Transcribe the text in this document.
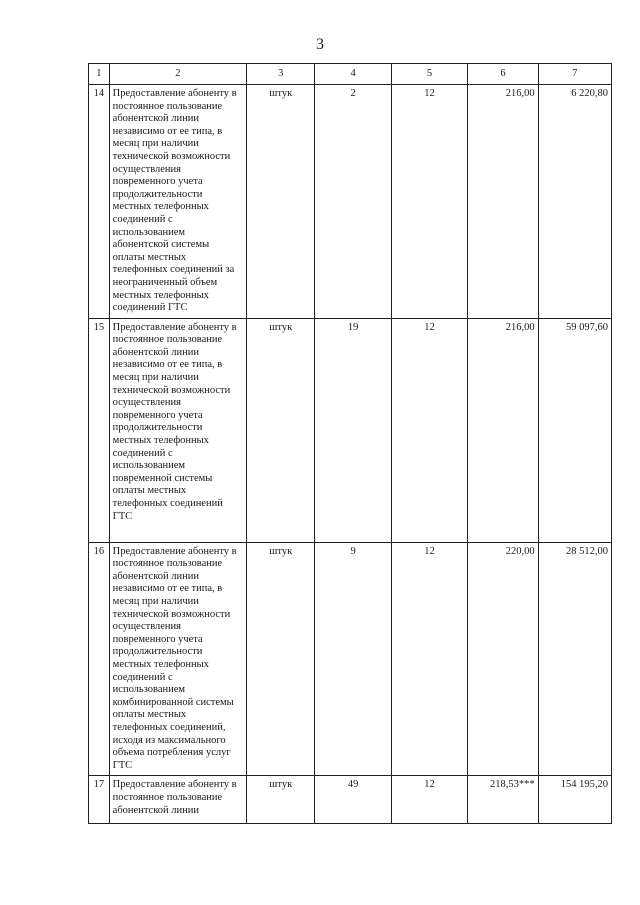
3
1	2	3	4	5	6	7
14	Предоставление абоненту в постоянное пользование абонентской линии независимо от ее типа, в месяц при наличии технической возможности осуществления повременного учета продолжительности местных телефонных соединений с использованием абонентской системы оплаты местных телефонных соединений за неограниченный объем местных телефонных соединений ГТС	штук	2	12	216,00	6 220,80
15	Предоставление абоненту в постоянное пользование абонентской линии независимо от ее типа, в месяц при наличии технической возможности осуществления повременного учета продолжительности местных телефонных соединений с использованием повременной системы оплаты местных телефонных соединений ГТС	штук	19	12	216,00	59 097,60
16	Предоставление абоненту в постоянное пользование абонентской линии независимо от ее типа, в месяц при наличии технической возможности осуществления повременного учета продолжительности местных телефонных соединений с использованием комбинированной системы оплаты местных телефонных соединений, исходя из максимального объема потребления услуг ГТС	штук	9	12	220,00	28 512,00
17	Предоставление абоненту в постоянное пользование абонентской линии	штук	49	12	218,53***	154 195,20
